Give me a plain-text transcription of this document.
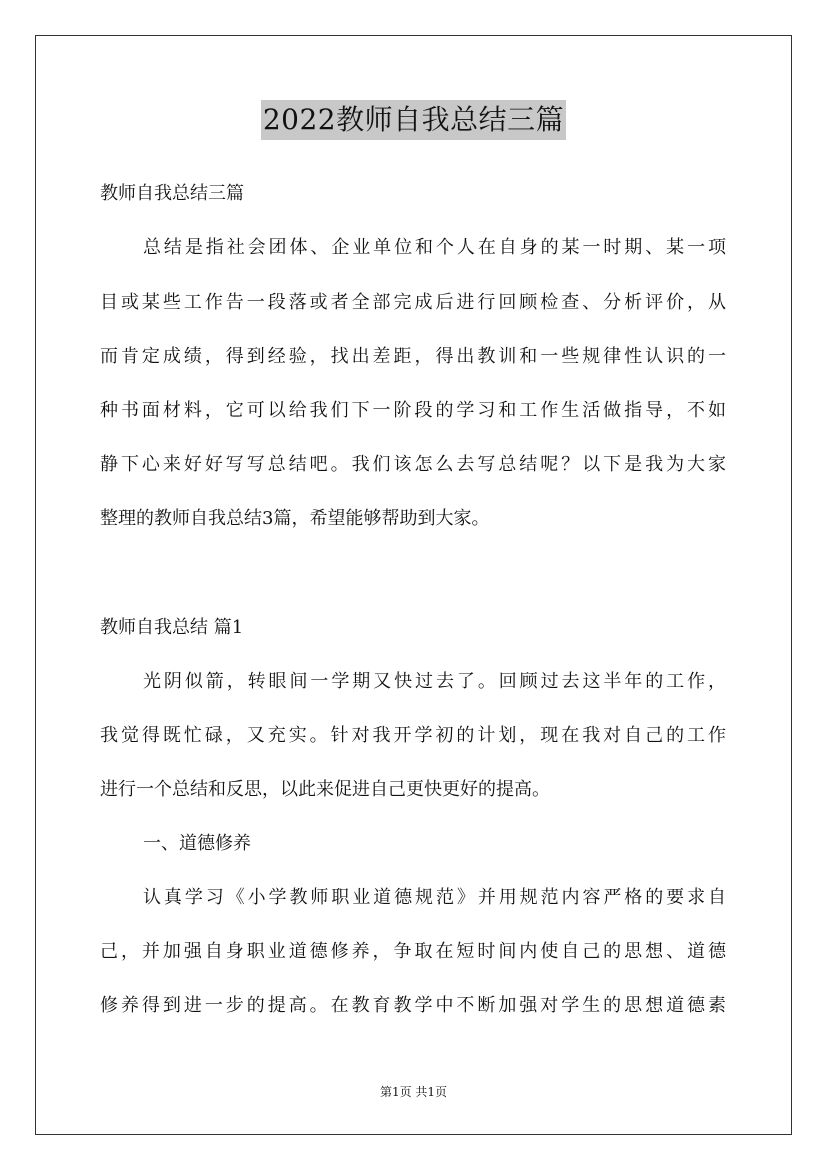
2022教师自我总结三篇
教师自我总结三篇
总结是指社会团体、企业单位和个人在自身的某一时期、某一项
目或某些工作告一段落或者全部完成后进行回顾检查、分析评价，从
而肯定成绩，得到经验，找出差距，得出教训和一些规律性认识的一
种书面材料，它可以给我们下一阶段的学习和工作生活做指导，不如
静下心来好好写写总结吧。我们该怎么去写总结呢？以下是我为大家
整理的教师自我总结3篇，希望能够帮助到大家。
教师自我总结 篇1
光阴似箭，转眼间一学期又快过去了。回顾过去这半年的工作，
我觉得既忙碌，又充实。针对我开学初的计划，现在我对自己的工作
进行一个总结和反思，以此来促进自己更快更好的提高。
一、道德修养
认真学习《小学教师职业道德规范》并用规范内容严格的要求自
己，并加强自身职业道德修养，争取在短时间内使自己的思想、道德
修养得到进一步的提高。在教育教学中不断加强对学生的思想道德素
第1页 共1页
